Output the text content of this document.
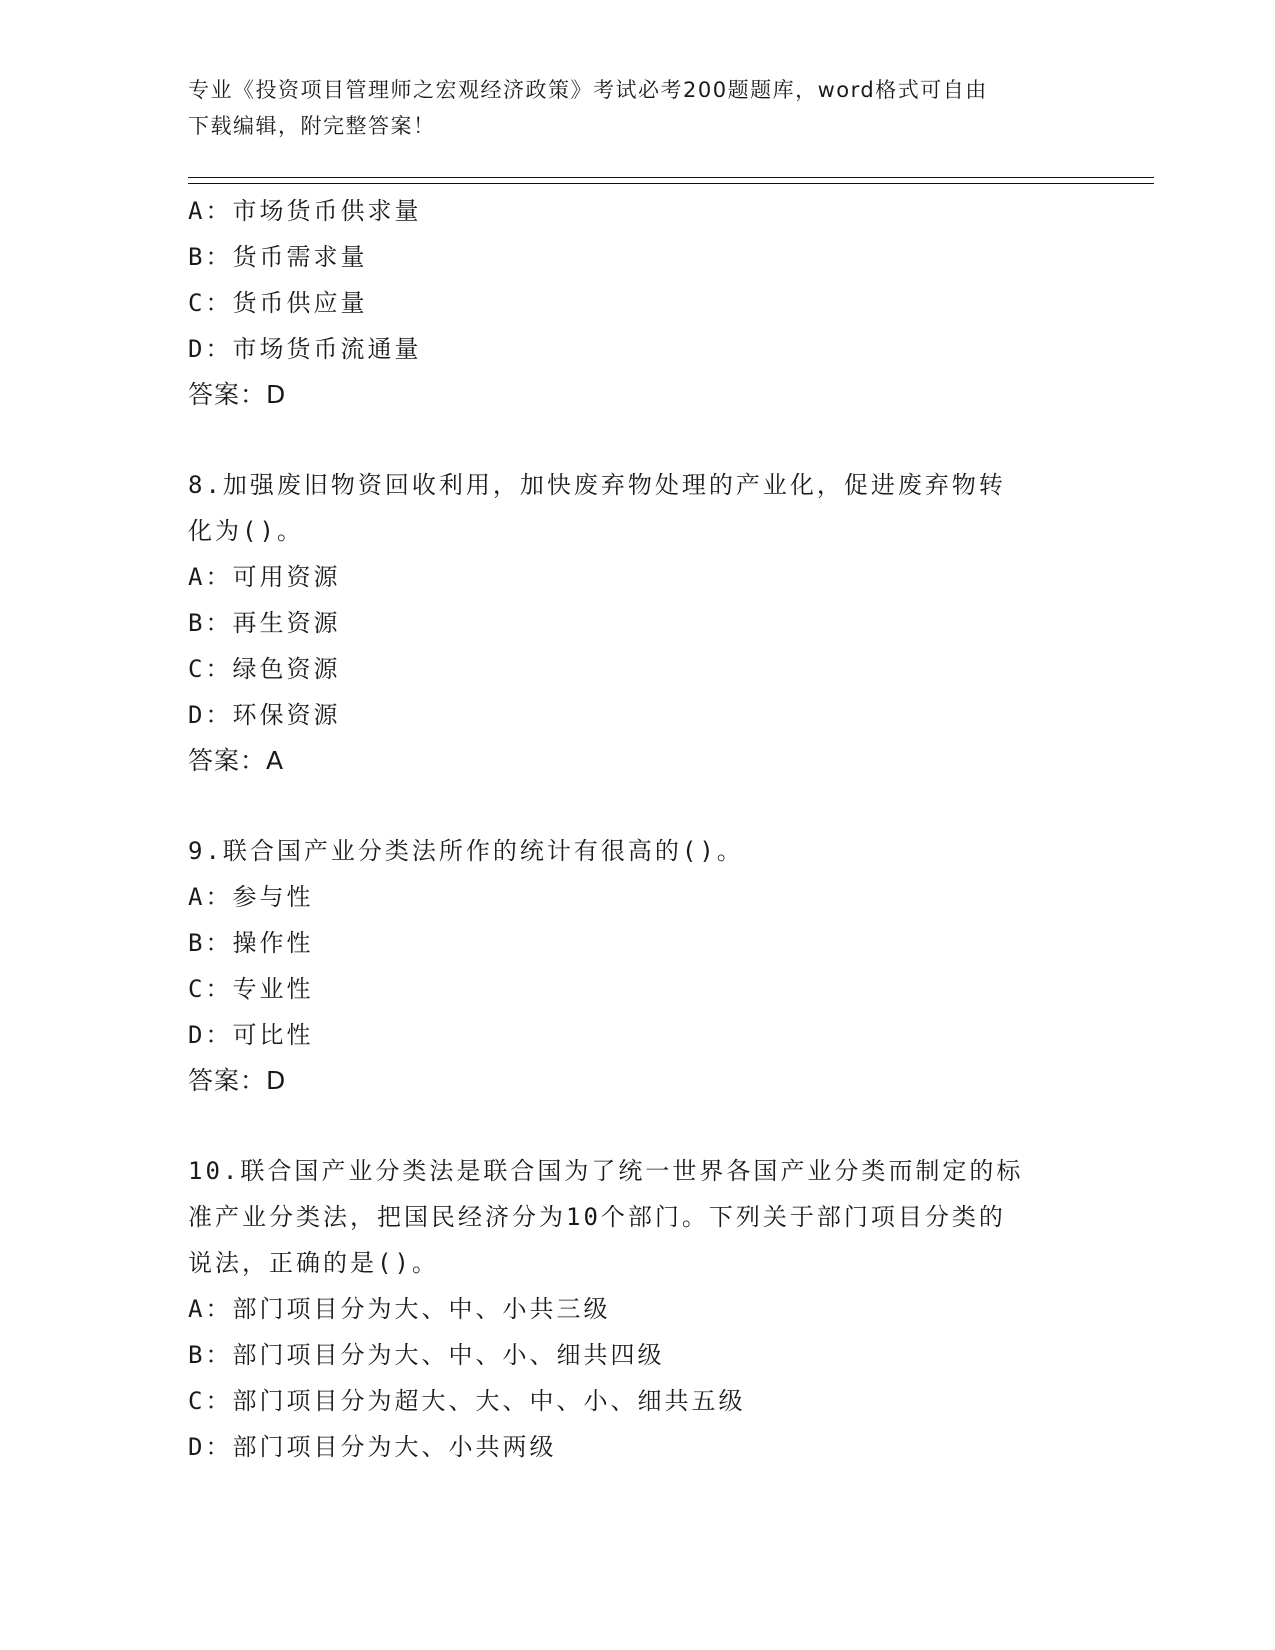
专业《投资项目管理师之宏观经济政策》考试必考200题题库，word格式可自由
下载编辑，附完整答案！
A：市场货币供求量
B：货币需求量
C：货币供应量
D：市场货币流通量
答案：D
8.加强废旧物资回收利用，加快废弃物处理的产业化，促进废弃物转
化为()。
A：可用资源
B：再生资源
C：绿色资源
D：环保资源
答案：A
9.联合国产业分类法所作的统计有很高的()。
A：参与性
B：操作性
C：专业性
D：可比性
答案：D
10.联合国产业分类法是联合国为了统一世界各国产业分类而制定的标
准产业分类法，把国民经济分为10个部门。下列关于部门项目分类的
说法，正确的是()。
A：部门项目分为大、中、小共三级
B：部门项目分为大、中、小、细共四级
C：部门项目分为超大、大、中、小、细共五级
D：部门项目分为大、小共两级
